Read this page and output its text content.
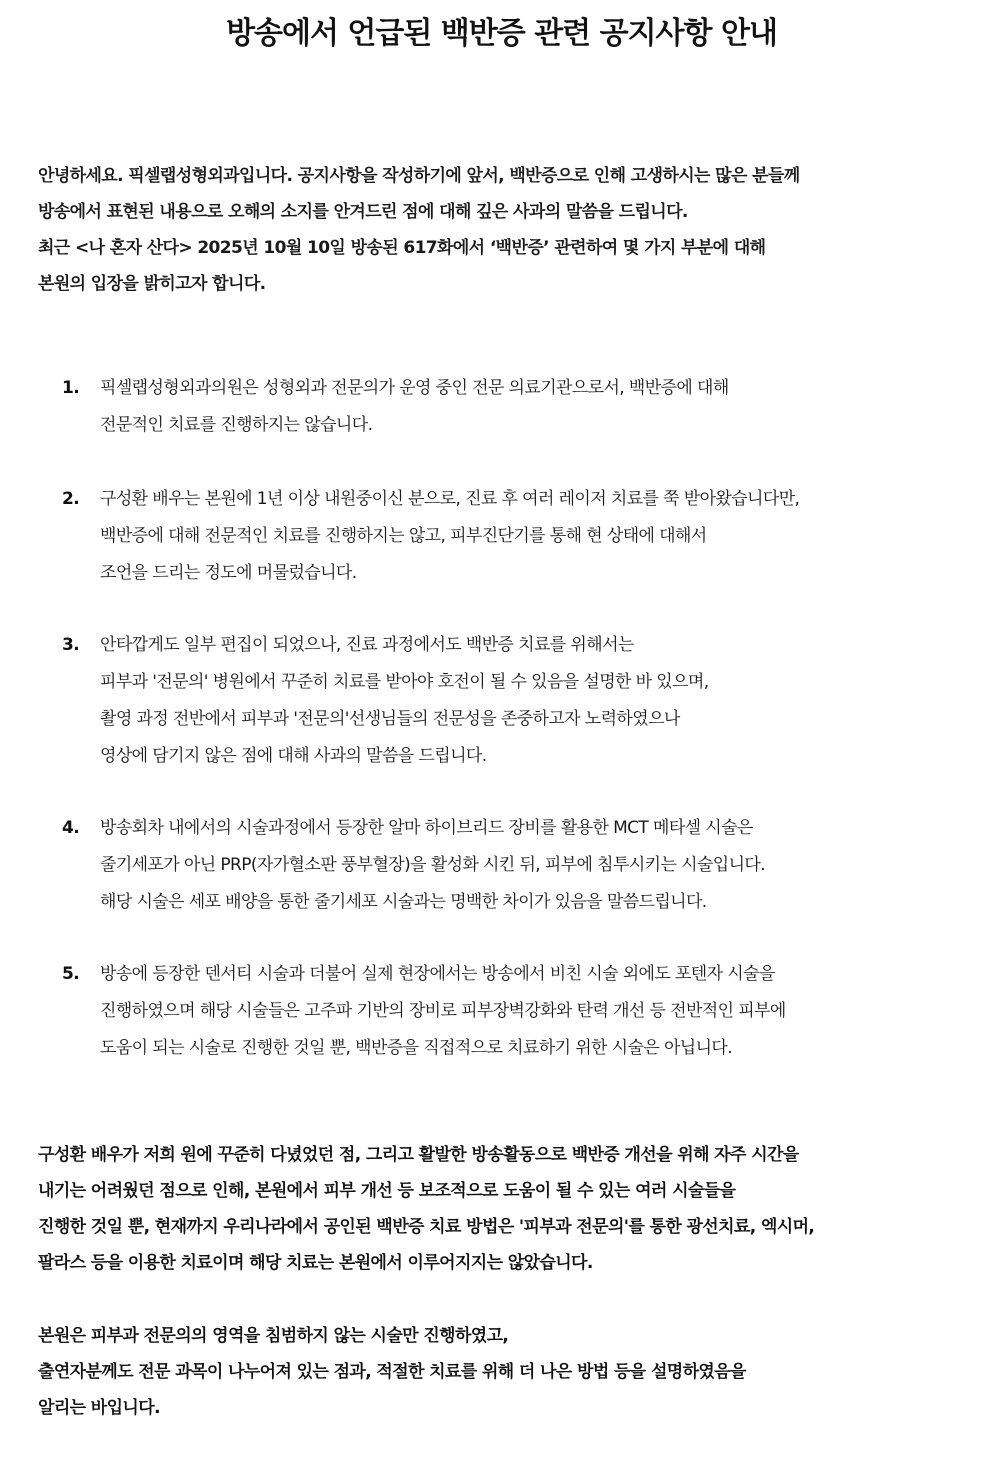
방송에서 언급된 백반증 관련 공지사항 안내
안녕하세요. 픽셀랩성형외과입니다. 공지사항을 작성하기에 앞서, 백반증으로 인해 고생하시는 많은 분들께
방송에서 표현된 내용으로 오해의 소지를 안겨드린 점에 대해 깊은 사과의 말씀을 드립니다.
최근 <나 혼자 산다> 2025년 10월 10일 방송된 617화에서 ‘백반증’ 관련하여 몇 가지 부분에 대해
본원의 입장을 밝히고자 합니다.
1.	픽셀랩성형외과의원은 성형외과 전문의가 운영 중인 전문 의료기관으로서, 백반증에 대해
전문적인 치료를 진행하지는 않습니다.
2.	구성환 배우는 본원에 1년 이상 내원중이신 분으로, 진료 후 여러 레이저 치료를 쭉 받아왔습니다만,
백반증에 대해 전문적인 치료를 진행하지는 않고, 피부진단기를 통해 현 상태에 대해서
조언을 드리는 정도에 머물렀습니다.
3.	안타깝게도 일부 편집이 되었으나, 진료 과정에서도 백반증 치료를 위해서는
피부과 '전문의' 병원에서 꾸준히 치료를 받아야 호전이 될 수 있음을 설명한 바 있으며,
촬영 과정 전반에서 피부과 '전문의'선생님들의 전문성을 존중하고자 노력하였으나
영상에 담기지 않은 점에 대해 사과의 말씀을 드립니다.
4.	방송회차 내에서의 시술과정에서 등장한 알마 하이브리드 장비를 활용한 MCT 메타셀 시술은
줄기세포가 아닌 PRP(자가혈소판 풍부혈장)을 활성화 시킨 뒤, 피부에 침투시키는 시술입니다.
해당 시술은 세포 배양을 통한 줄기세포 시술과는 명백한 차이가 있음을 말씀드립니다.
5.	방송에 등장한 덴서티 시술과 더불어 실제 현장에서는 방송에서 비친 시술 외에도 포텐자 시술을
진행하였으며 해당 시술들은 고주파 기반의 장비로 피부장벽강화와 탄력 개선 등 전반적인 피부에
도움이 되는 시술로 진행한 것일 뿐, 백반증을 직접적으로 치료하기 위한 시술은 아닙니다.
구성환 배우가 저희 원에 꾸준히 다녔었던 점, 그리고 활발한 방송활동으로 백반증 개선을 위해 자주 시간을
내기는 어려웠던 점으로 인해, 본원에서 피부 개선 등 보조적으로 도움이 될 수 있는 여러 시술들을
진행한 것일 뿐, 현재까지 우리나라에서 공인된 백반증 치료 방법은 '피부과 전문의'를 통한 광선치료, 엑시머,
팔라스 등을 이용한 치료이며 해당 치료는 본원에서 이루어지지는 않았습니다.
본원은 피부과 전문의의 영역을 침범하지 않는 시술만 진행하였고,
출연자분께도 전문 과목이 나누어져 있는 점과, 적절한 치료를 위해 더 나은 방법 등을 설명하였음을
알리는 바입니다.
